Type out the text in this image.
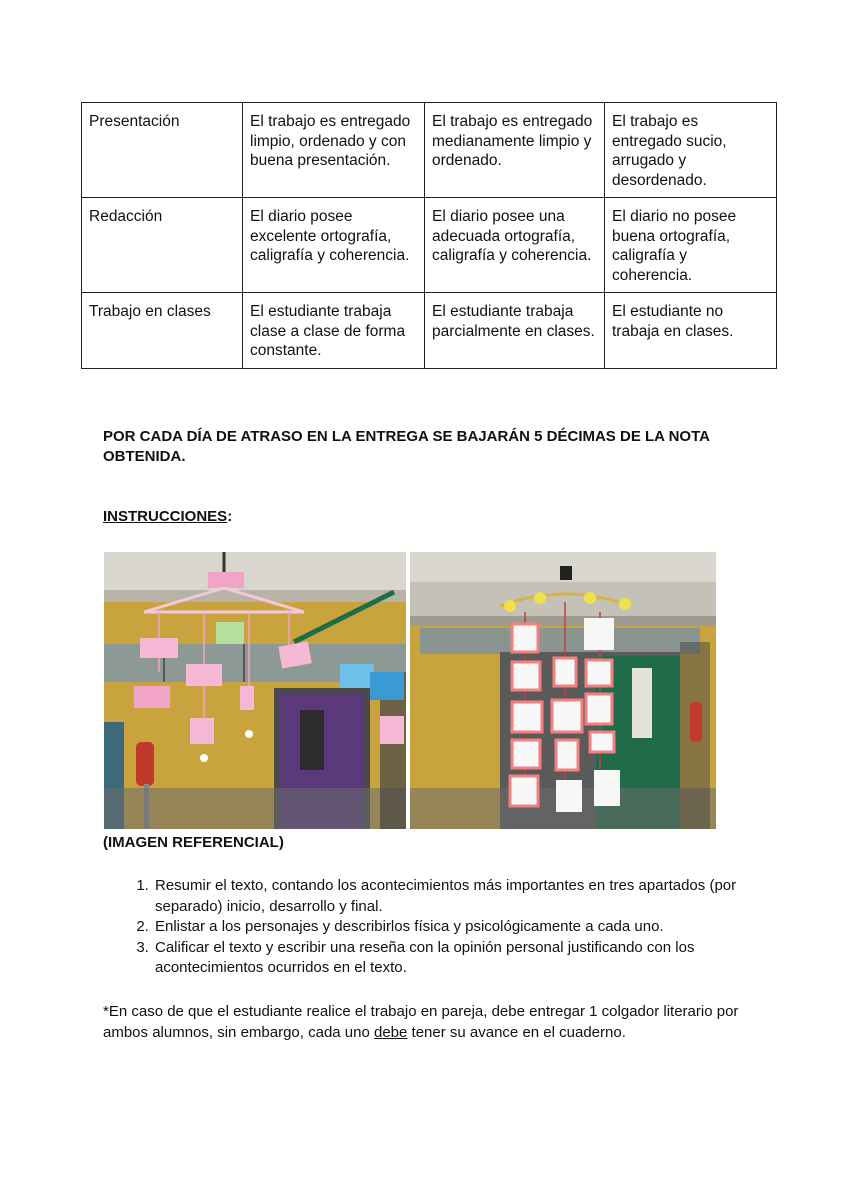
Presentación	El trabajo es entregado limpio, ordenado y con buena presentación.	El trabajo es entregado medianamente limpio y ordenado.	El trabajo es entregado sucio, arrugado y desordenado.
Redacción	El diario posee excelente ortografía, caligrafía y coherencia.	El diario posee una adecuada ortografía, caligrafía y coherencia.	El diario no posee buena ortografía, caligrafía y coherencia.
Trabajo en clases	El estudiante trabaja clase a clase de forma constante.	El estudiante trabaja parcialmente en clases.	El estudiante no trabaja en clases.
POR CADA DÍA DE ATRASO EN LA ENTREGA SE BAJARÁN 5 DÉCIMAS DE LA NOTA OBTENIDA.
INSTRUCCIONES:
(IMAGEN REFERENCIAL)
1. Resumir el texto, contando los acontecimientos más importantes en tres apartados (por separado) inicio, desarrollo y final.
2. Enlistar a los personajes y describirlos física y psicológicamente a cada uno.
3. Calificar el texto y escribir una reseña con la opinión personal justificando con los acontecimientos ocurridos en el texto.
*En caso de que el estudiante realice el trabajo en pareja, debe entregar 1 colgador literario por ambos alumnos, sin embargo, cada uno debe tener su avance en el cuaderno.
